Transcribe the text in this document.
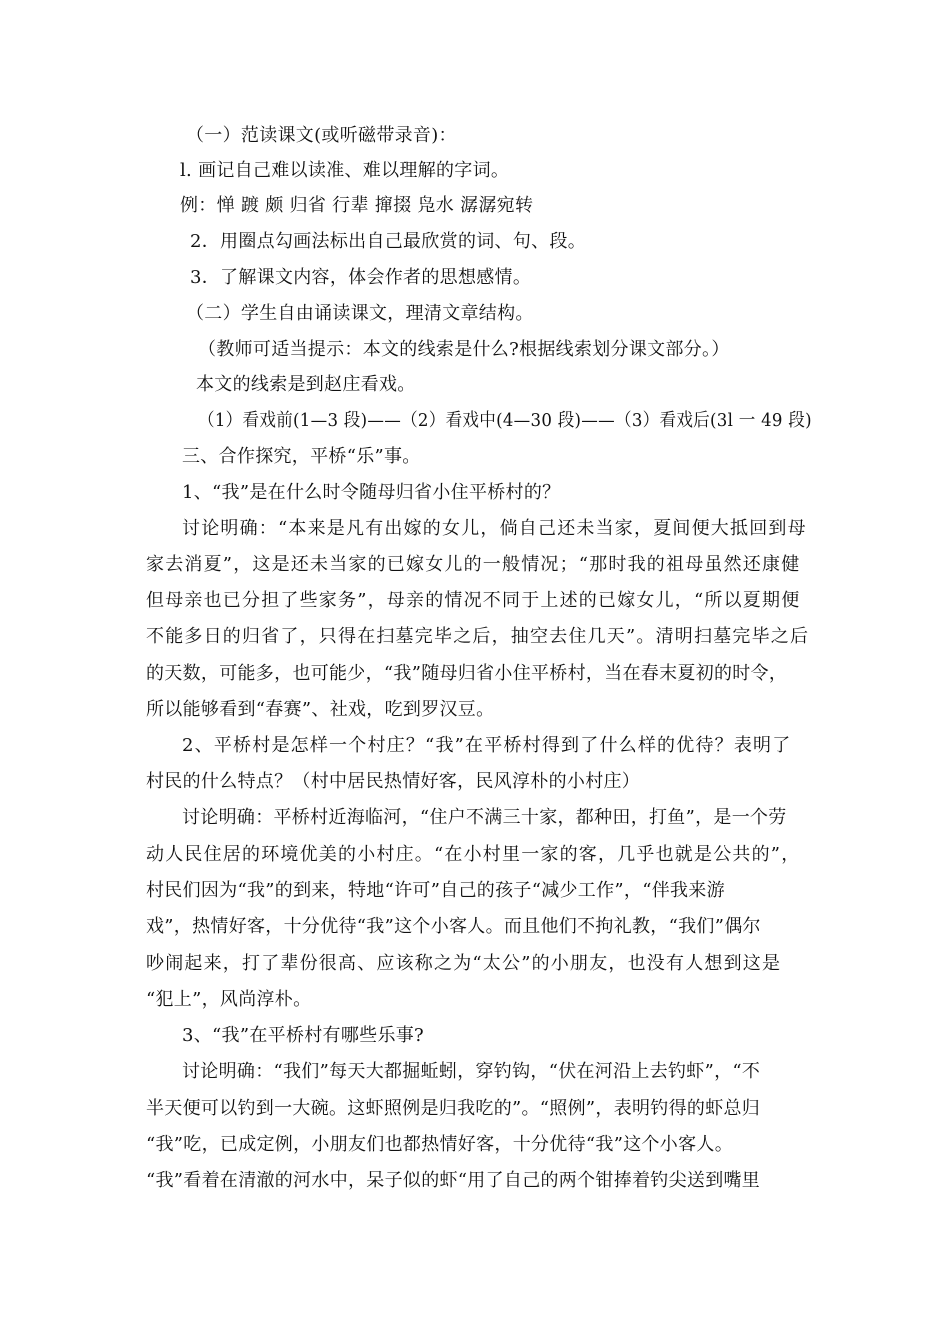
（一）范读课文(或听磁带录音)：
l. 画记自己难以读准、难以理解的字词。
例：惮 踱 颇 归省 行辈 撺掇 凫水 潺潺宛转
2．用圈点勾画法标出自己最欣赏的词、句、段。
3．了解课文内容，体会作者的思想感情。
（二）学生自由诵读课文，理清文章结构。
（教师可适当提示：本文的线索是什么?根据线索划分课文部分。）
本文的线索是到赵庄看戏。
（1）看戏前(1—3 段)——（2）看戏中(4—30 段)——（3）看戏后(3l 一 49 段)
三、合作探究，平桥“乐”事。
1、“我”是在什么时令随母归省小住平桥村的？
讨论明确：“本来是凡有出嫁的女儿，倘自己还未当家，夏间便大抵回到母
家去消夏”，这是还未当家的已嫁女儿的一般情况；“那时我的祖母虽然还康健
但母亲也已分担了些家务”，母亲的情况不同于上述的已嫁女儿，“所以夏期便
不能多日的归省了，只得在扫墓完毕之后，抽空去住几天”。清明扫墓完毕之后
的天数，可能多，也可能少，“我”随母归省小住平桥村，当在春末夏初的时令，
所以能够看到“春赛”、社戏，吃到罗汉豆。
2、平桥村是怎样一个村庄？“我”在平桥村得到了什么样的优待？表明了
村民的什么特点？（村中居民热情好客，民风淳朴的小村庄）
讨论明确：平桥村近海临河，“住户不满三十家，都种田，打鱼”，是一个劳
动人民住居的环境优美的小村庄。“在小村里一家的客，几乎也就是公共的”，
村民们因为“我”的到来，特地“许可”自己的孩子“减少工作”，“伴我来游
戏”，热情好客，十分优待“我”这个小客人。而且他们不拘礼教，“我们”偶尔
吵闹起来，打了辈份很高、应该称之为“太公”的小朋友，也没有人想到这是
“犯上”，风尚淳朴。
3、“我”在平桥村有哪些乐事?
讨论明确：“我们”每天大都掘蚯蚓，穿钓钩，“伏在河沿上去钓虾”，“不
半天便可以钓到一大碗。这虾照例是归我吃的”。“照例”，表明钓得的虾总归
“我”吃，已成定例，小朋友们也都热情好客，十分优待“我”这个小客人。
“我”看着在清澈的河水中，呆子似的虾“用了自己的两个钳捧着钓尖送到嘴里
